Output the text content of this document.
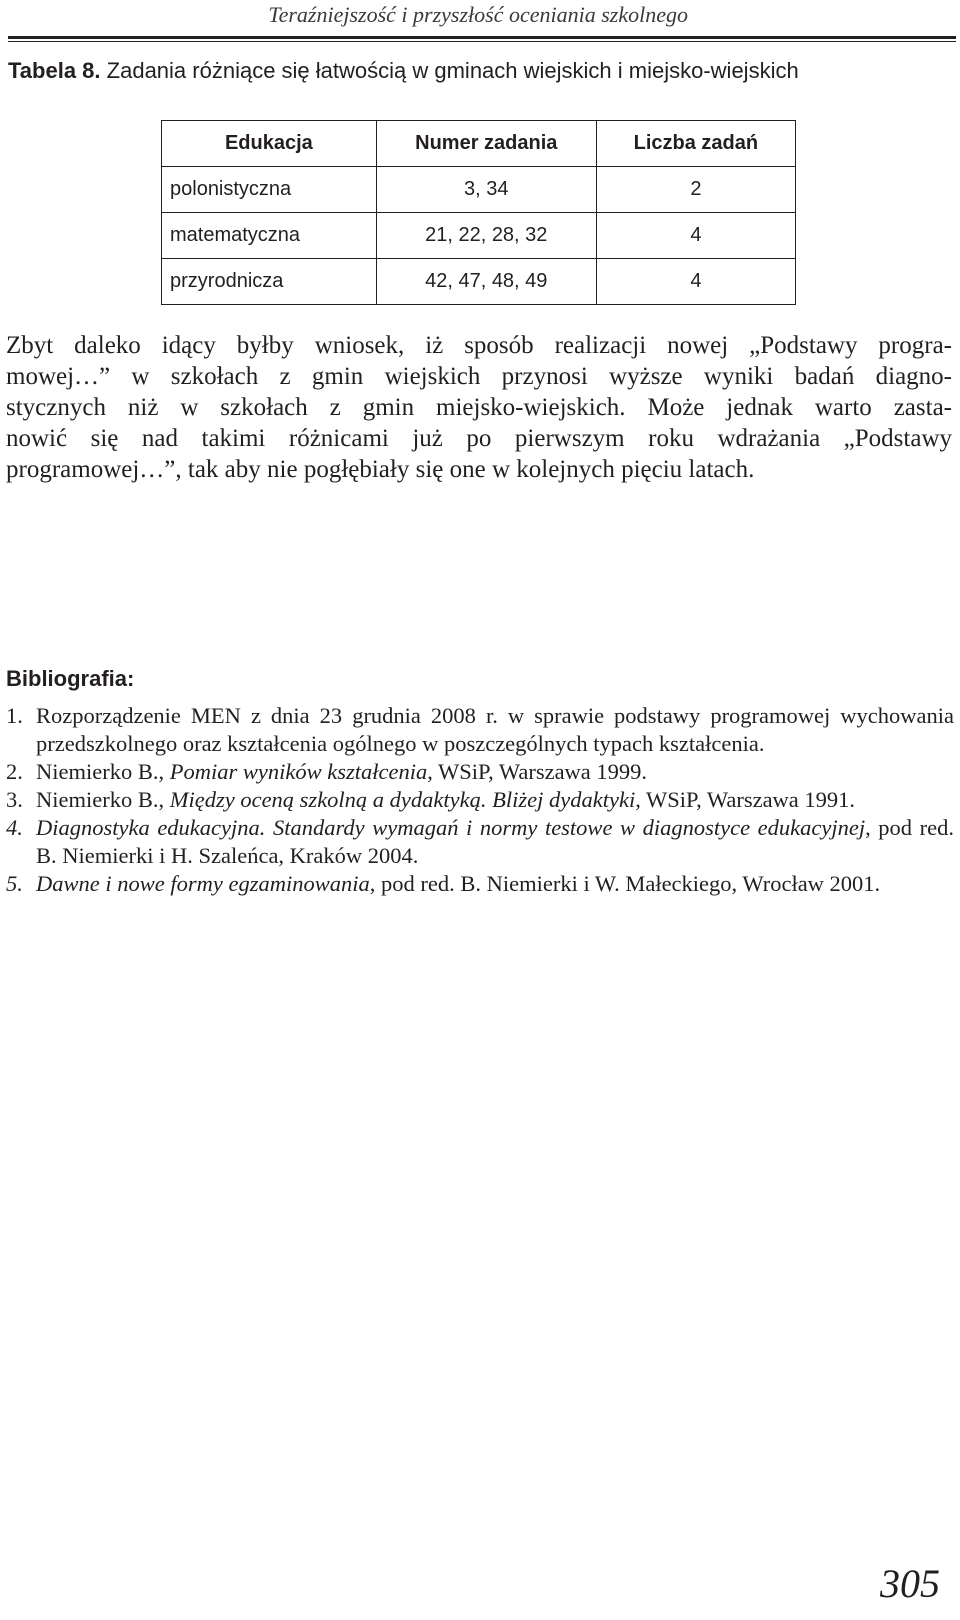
Teraźniejszość i przyszłość oceniania szkolnego
Tabela 8. Zadania różniące się łatwością w gminach wiejskich i miejsko-wiejskich
Edukacja	Numer zadania	Liczba zadań
polonistyczna	3, 34	2
matematyczna	21, 22, 28, 32	4
przyrodnicza	42, 47, 48, 49	4
Zbyt daleko idący byłby wniosek, iż sposób realizacji nowej „Podstawy progra-
mowej…” w szkołach z gmin wiejskich przynosi wyższe wyniki badań diagno-
stycznych niż w szkołach z gmin miejsko-wiejskich. Może jednak warto zasta-
nowić się nad takimi różnicami już po pierwszym roku wdrażania „Podstawy
programowej…”, tak aby nie pogłębiały się one w kolejnych pięciu latach.
Bibliografia:
1. Rozporządzenie MEN z dnia 23 grudnia 2008 r. w sprawie podstawy programowej wychowania przedszkolnego oraz kształcenia ogólnego w poszczególnych typach kształcenia.
2. Niemierko B., Pomiar wyników kształcenia, WSiP, Warszawa 1999.
3. Niemierko B., Między oceną szkolną a dydaktyką. Bliżej dydaktyki, WSiP, Warszawa 1991.
4. Diagnostyka edukacyjna. Standardy wymagań i normy testowe w diagnostyce edukacyjnej, pod red. B. Niemierki i H. Szaleńca, Kraków 2004.
5. Dawne i nowe formy egzaminowania, pod red. B. Niemierki i W. Małeckiego, Wrocław 2001.
305
